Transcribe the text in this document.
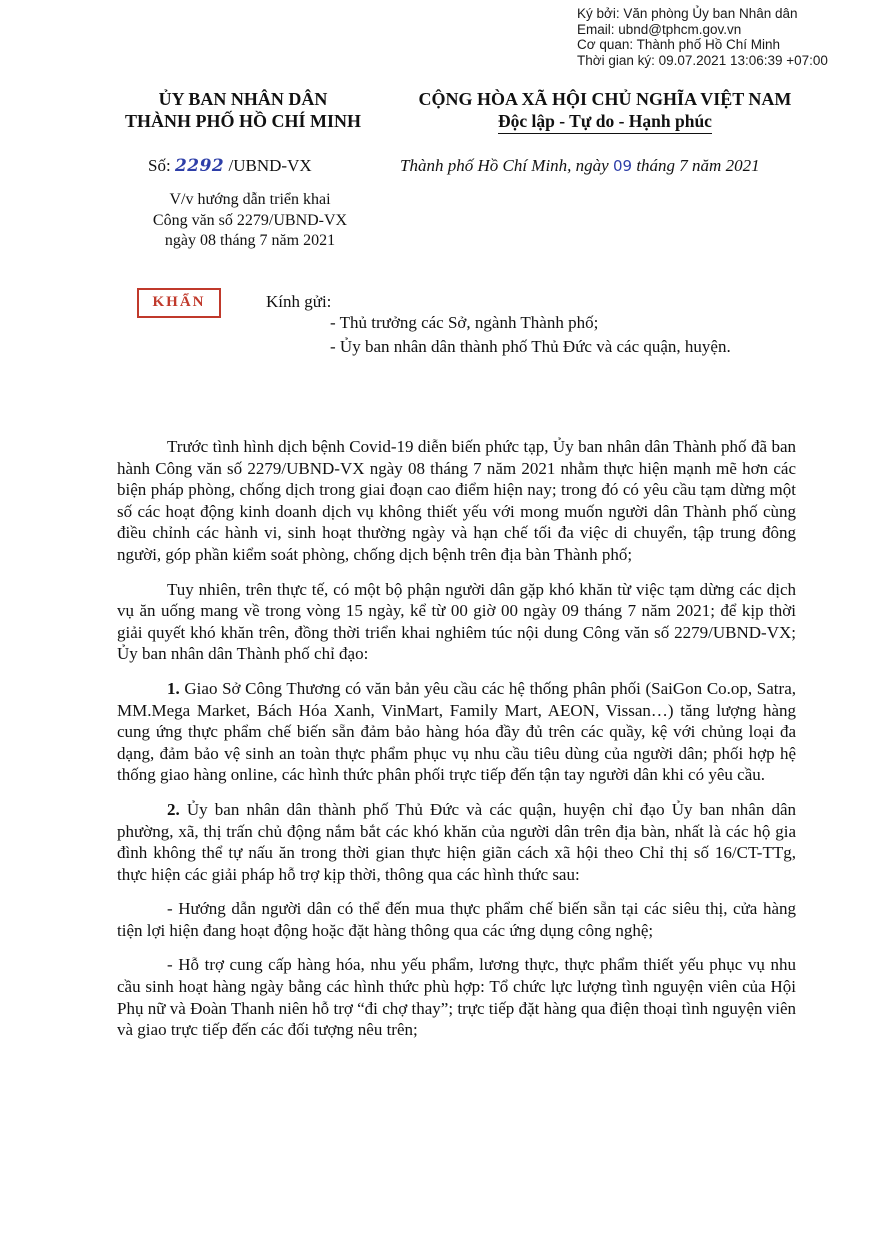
Ký bởi: Văn phòng Ủy ban Nhân dân
Email: ubnd@tphcm.gov.vn
Cơ quan: Thành phố Hồ Chí Minh
Thời gian ký: 09.07.2021 13:06:39 +07:00
ỦY BAN NHÂN DÂN
THÀNH PHỐ HỒ CHÍ MINH
CỘNG HÒA XÃ HỘI CHỦ NGHĨA VIỆT NAM
Độc lập - Tự do - Hạnh phúc
Số: 2292 /UBND-VX	Thành phố Hồ Chí Minh, ngày 09 tháng 7 năm 2021
V/v hướng dẫn triển khai
Công văn số 2279/UBND-VX
ngày 08 tháng 7 năm 2021
KHẨN	Kính gửi:
- Thủ trưởng các Sở, ngành Thành phố;
- Ủy ban nhân dân thành phố Thủ Đức và các quận, huyện.

Trước tình hình dịch bệnh Covid-19 diễn biến phức tạp, Ủy ban nhân dân Thành phố đã ban hành Công văn số 2279/UBND-VX ngày 08 tháng 7 năm 2021 nhằm thực hiện mạnh mẽ hơn các biện pháp phòng, chống dịch trong giai đoạn cao điểm hiện nay; trong đó có yêu cầu tạm dừng một số các hoạt động kinh doanh dịch vụ không thiết yếu với mong muốn người dân Thành phố cùng điều chỉnh các hành vi, sinh hoạt thường ngày và hạn chế tối đa việc di chuyển, tập trung đông người, góp phần kiểm soát phòng, chống dịch bệnh trên địa bàn Thành phố;

Tuy nhiên, trên thực tế, có một bộ phận người dân gặp khó khăn từ việc tạm dừng các dịch vụ ăn uống mang về trong vòng 15 ngày, kể từ 00 giờ 00 ngày 09 tháng 7 năm 2021; để kịp thời giải quyết khó khăn trên, đồng thời triển khai nghiêm túc nội dung Công văn số 2279/UBND-VX; Ủy ban nhân dân Thành phố chỉ đạo:

1. Giao Sở Công Thương có văn bản yêu cầu các hệ thống phân phối (SaiGon Co.op, Satra, MM.Mega Market, Bách Hóa Xanh, VinMart, Family Mart, AEON, Vissan…) tăng lượng hàng cung ứng thực phẩm chế biến sẵn đảm bảo hàng hóa đầy đủ trên các quầy, kệ với chủng loại đa dạng, đảm bảo vệ sinh an toàn thực phẩm phục vụ nhu cầu tiêu dùng của người dân; phối hợp hệ thống giao hàng online, các hình thức phân phối trực tiếp đến tận tay người dân khi có yêu cầu.

2. Ủy ban nhân dân thành phố Thủ Đức và các quận, huyện chỉ đạo Ủy ban nhân dân phường, xã, thị trấn chủ động nắm bắt các khó khăn của người dân trên địa bàn, nhất là các hộ gia đình không thể tự nấu ăn trong thời gian thực hiện giãn cách xã hội theo Chỉ thị số 16/CT-TTg, thực hiện các giải pháp hỗ trợ kịp thời, thông qua các hình thức sau:

- Hướng dẫn người dân có thể đến mua thực phẩm chế biến sẵn tại các siêu thị, cửa hàng tiện lợi hiện đang hoạt động hoặc đặt hàng thông qua các ứng dụng công nghệ;

- Hỗ trợ cung cấp hàng hóa, nhu yếu phẩm, lương thực, thực phẩm thiết yếu phục vụ nhu cầu sinh hoạt hàng ngày bằng các hình thức phù hợp: Tổ chức lực lượng tình nguyện viên của Hội Phụ nữ và Đoàn Thanh niên hỗ trợ “đi chợ thay”; trực tiếp đặt hàng qua điện thoại tình nguyện viên và giao trực tiếp đến các đối tượng nêu trên;
